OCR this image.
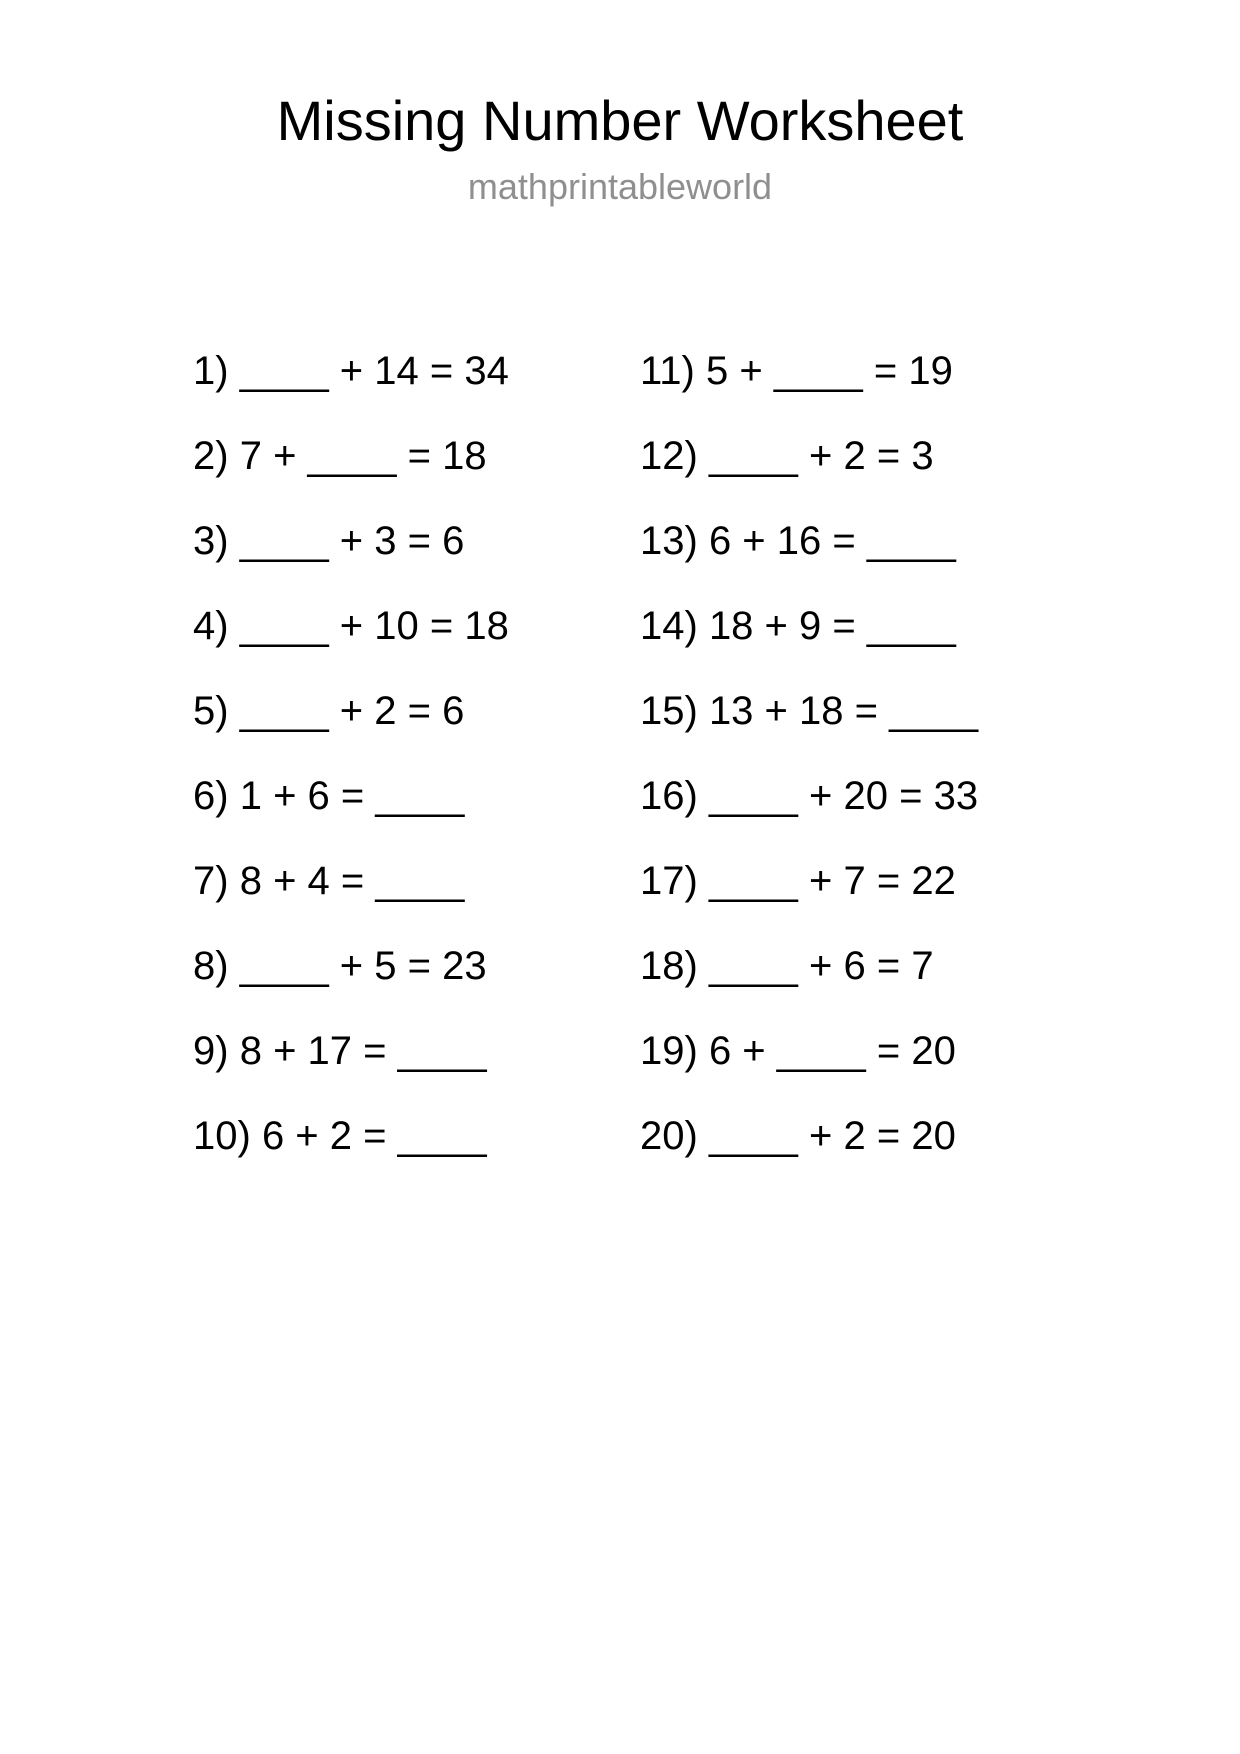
Missing Number Worksheet
mathprintableworld
1) ____ + 14 = 34
2) 7 + ____ = 18
3) ____ + 3 = 6
4) ____ + 10 = 18
5) ____ + 2 = 6
6) 1 + 6 = ____
7) 8 + 4 = ____
8) ____ + 5 = 23
9) 8 + 17 = ____
10) 6 + 2 = ____
11) 5 + ____ = 19
12) ____ + 2 = 3
13) 6 + 16 = ____
14) 18 + 9 = ____
15) 13 + 18 = ____
16) ____ + 20 = 33
17) ____ + 7 = 22
18) ____ + 6 = 7
19) 6 + ____ = 20
20) ____ + 2 = 20
